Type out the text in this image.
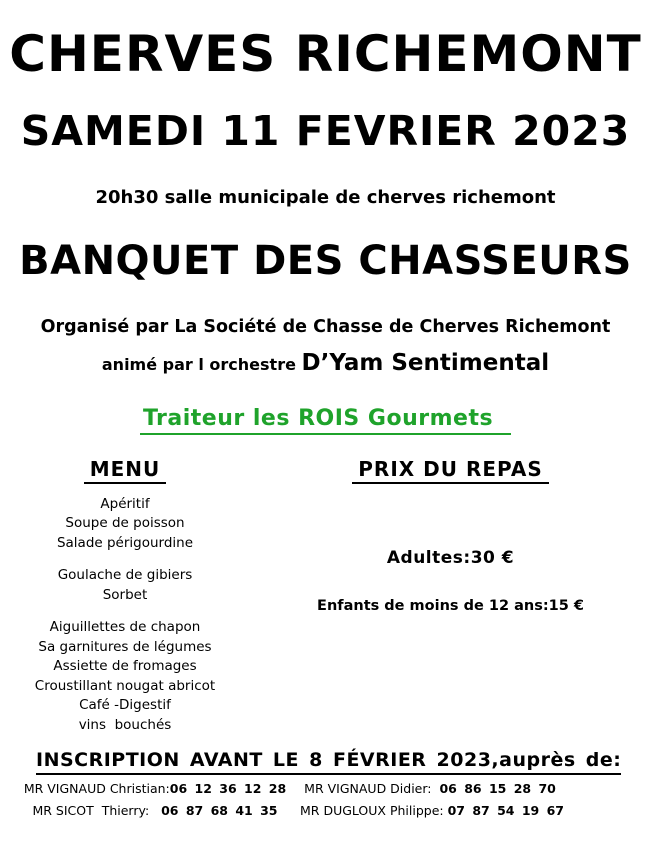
CHERVES RICHEMONT
SAMEDI 11 FEVRIER 2023

20h30 salle municipale de cherves richemont

BANQUET DES CHASSEURS

Organisé par La Société de Chasse de Cherves Richemont

animé par l orchestre D’Yam Sentimental

Traiteur les ROIS Gourmets

MENU
Apéritif
Soupe de poisson
Salade périgourdine
Goulache de gibiers
Sorbet
Aiguillettes de chapon
Sa garnitures de légumes
Assiette de fromages
Croustillant nougat abricot
Café -Digestif
vins  bouchés
PRIX DU REPAS

Adultes:30 €

Enfants de moins de 12 ans:15 €

INSCRIPTION AVANT LE 8 FÉVRIER 2023,auprès de:
MR VIGNAUD Christian:06 12 36 12 28	MR VIGNAUD Didier:  06 86 15 28 70
MR SICOT  Thierry:   06 87 68 41 35	MR DUGLOUX Philippe: 07 87 54 19 67
